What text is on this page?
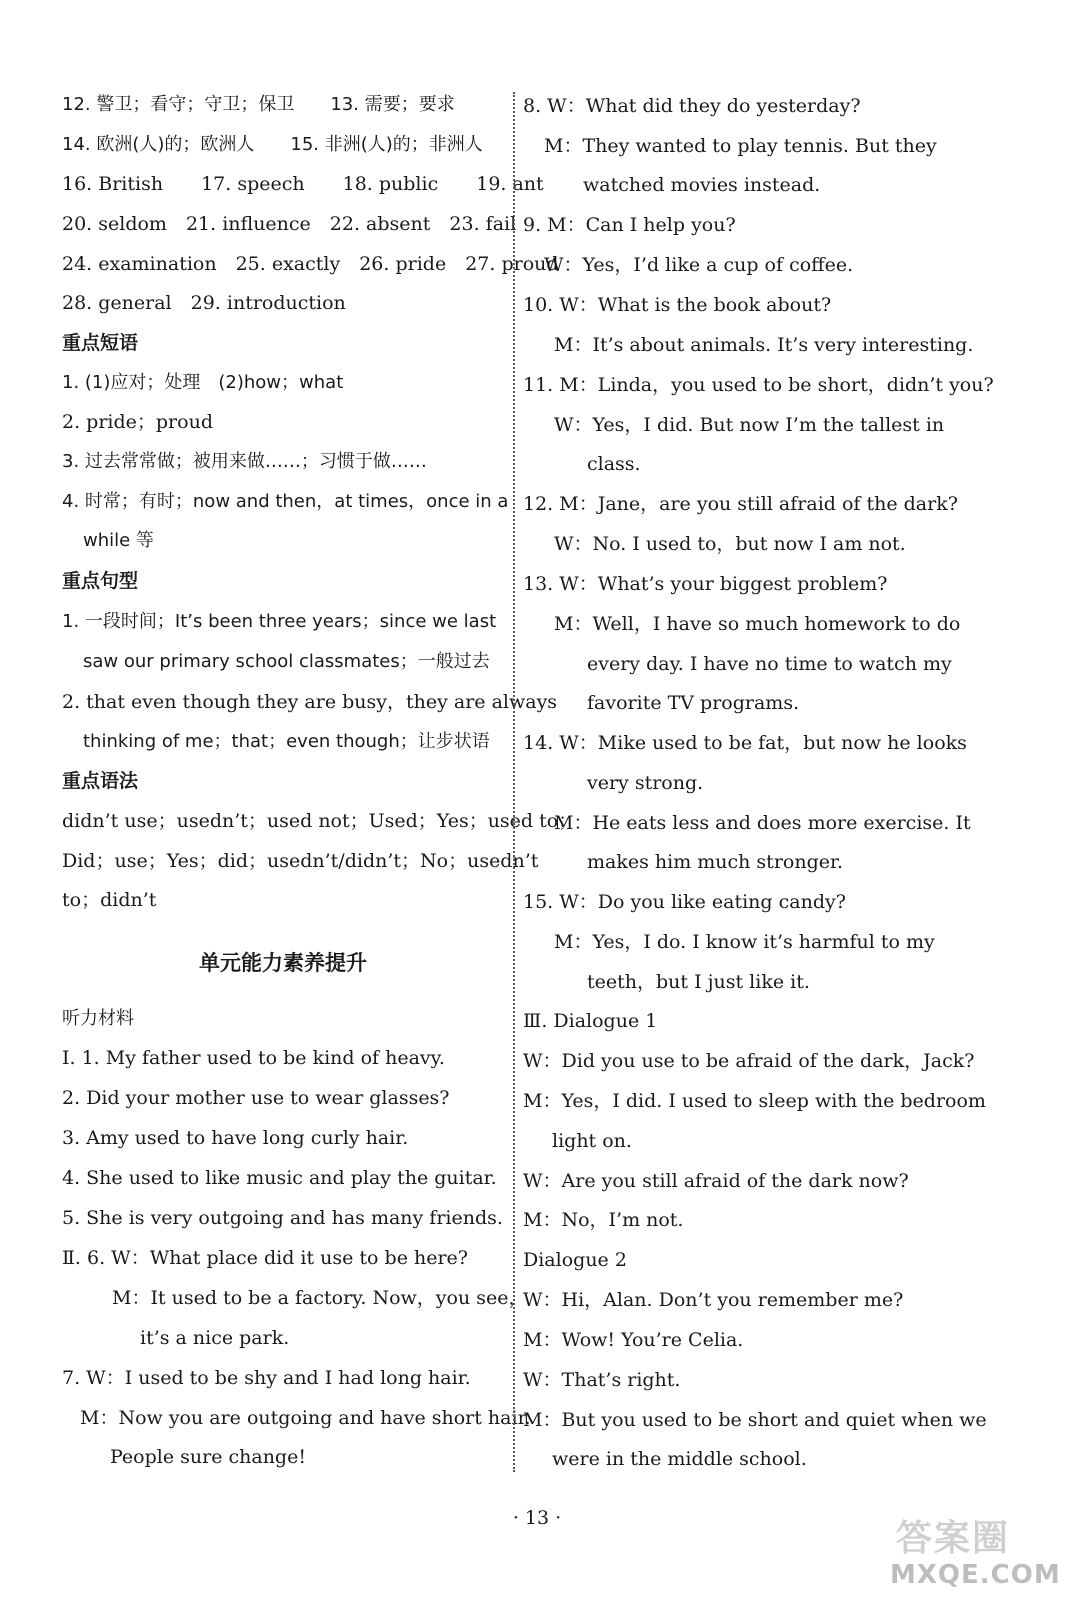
12. 警卫；看守；守卫；保卫　　13. 需要；要求
14. 欧洲(人)的；欧洲人　　15. 非洲(人)的；非洲人
16. British　　17. speech　　18. public　　19. ant
20. seldom　21. influence　22. absent　23. fail
24. examination　25. exactly　26. pride　27. proud
28. general　29. introduction
重点短语
1. (1)应对；处理　(2)how；what
2. pride；proud
3. 过去常常做；被用来做……；习惯于做……
4. 时常；有时；now and then，at times，once in a
while 等
重点句型
1. 一段时间；It’s been three years；since we last
saw our primary school classmates；一般过去
2. that even though they are busy，they are always
thinking of me；that；even though；让步状语
重点语法
didn’t use；usedn’t；used not；Used；Yes；used to；
Did；use；Yes；did；usedn’t/didn’t；No；usedn’t
to；didn’t
单元能力素养提升
听力材料
Ⅰ. 1. My father used to be kind of heavy.
2. Did your mother use to wear glasses?
3. Amy used to have long curly hair.
4. She used to like music and play the guitar.
5. She is very outgoing and has many friends.
Ⅱ. 6. W：What place did it use to be here?
M：It used to be a factory. Now，you see，
it’s a nice park.
7. W：I used to be shy and I had long hair.
M：Now you are outgoing and have short hair.
People sure change!
8. W：What did they do yesterday?
M：They wanted to play tennis. But they
watched movies instead.
9. M：Can I help you?
W：Yes，I’d like a cup of coffee.
10. W：What is the book about?
M：It’s about animals. It’s very interesting.
11. M：Linda，you used to be short，didn’t you?
W：Yes，I did. But now I’m the tallest in
class.
12. M：Jane，are you still afraid of the dark?
W：No. I used to，but now I am not.
13. W：What’s your biggest problem?
M：Well，I have so much homework to do
every day. I have no time to watch my
favorite TV programs.
14. W：Mike used to be fat，but now he looks
very strong.
M：He eats less and does more exercise. It
makes him much stronger.
15. W：Do you like eating candy?
M：Yes，I do. I know it’s harmful to my
teeth，but I just like it.
Ⅲ. Dialogue 1
W：Did you use to be afraid of the dark，Jack?
M：Yes，I did. I used to sleep with the bedroom
light on.
W：Are you still afraid of the dark now?
M：No，I’m not.
Dialogue 2
W：Hi，Alan. Don’t you remember me?
M：Wow! You’re Celia.
W：That’s right.
M：But you used to be short and quiet when we
were in the middle school.
· 13 ·	答案圈
MXQE.COM
